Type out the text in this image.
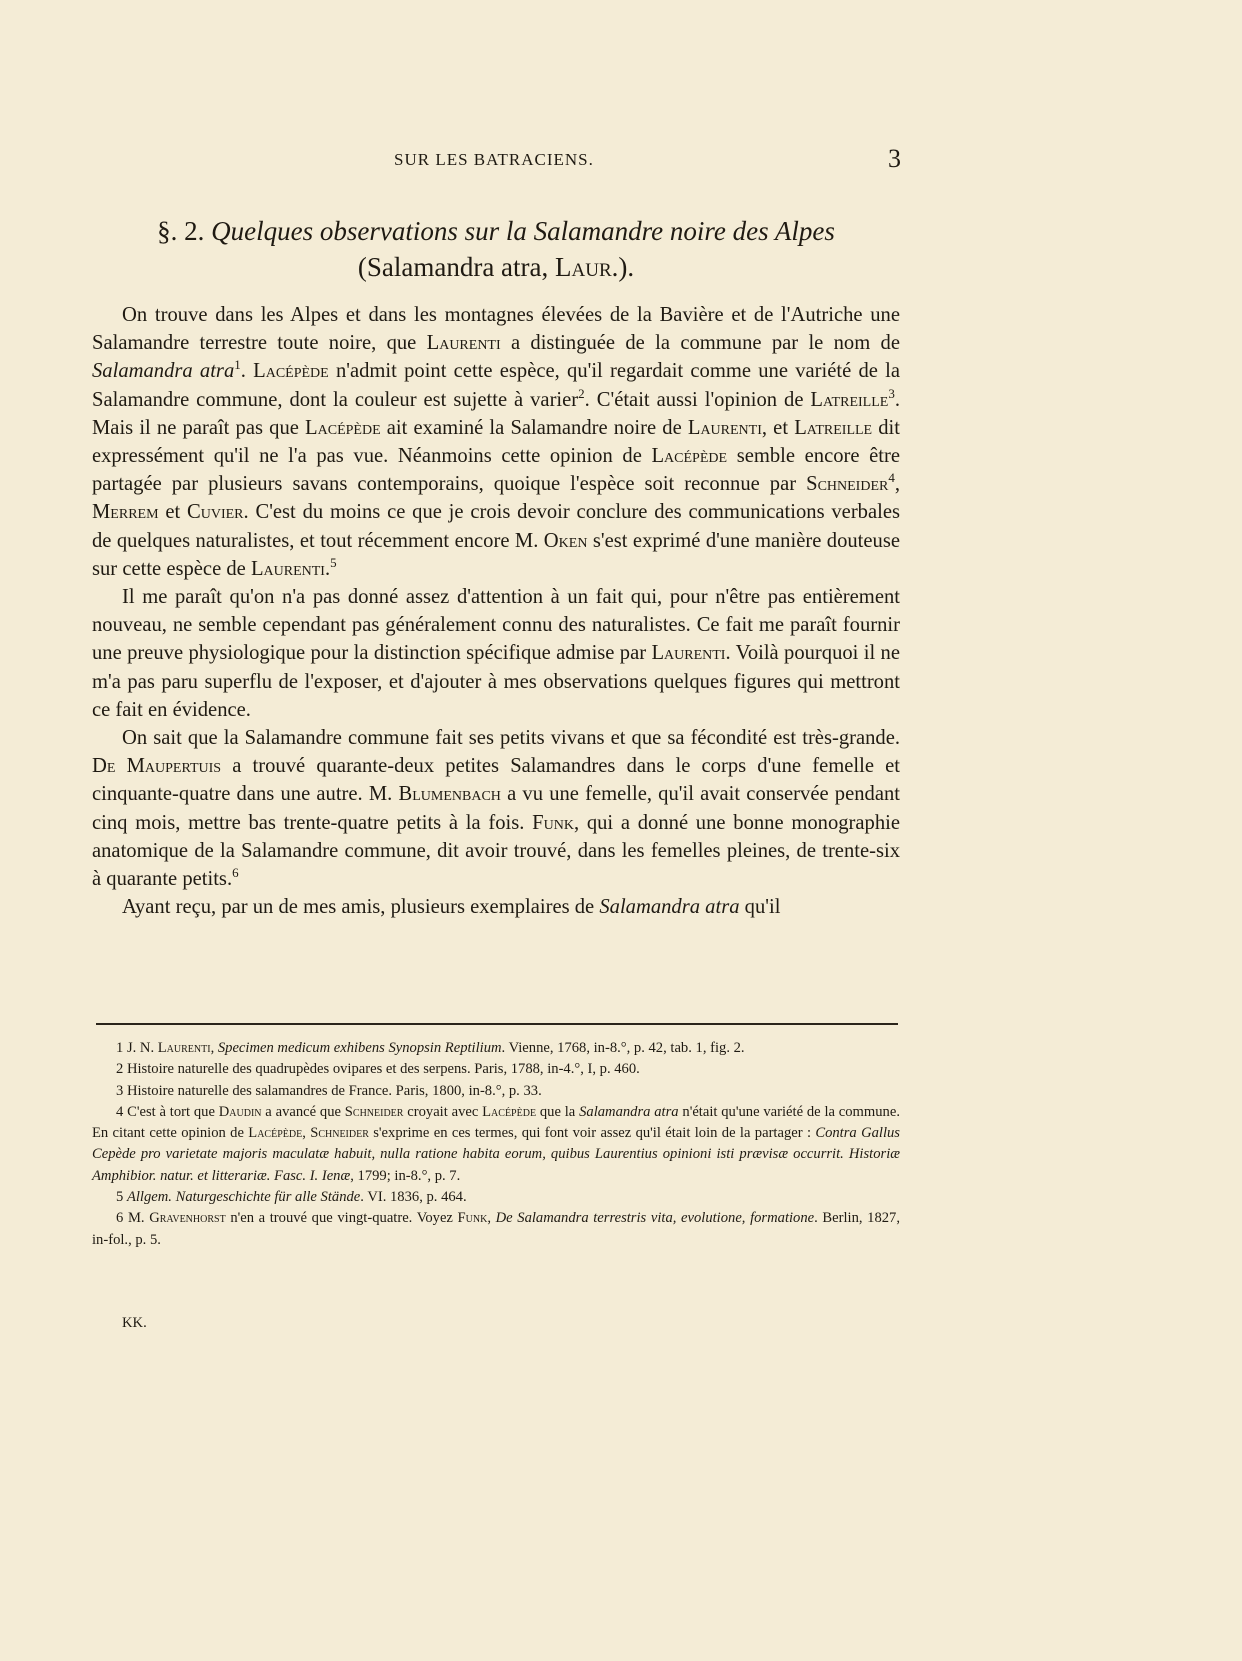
SUR LES BATRACIENS.	3
§. 2. Quelques observations sur la Salamandre noire des Alpes
(Salamandra atra, Laur.).

On trouve dans les Alpes et dans les montagnes élevées de la Bavière et de l'Autriche une Salamandre terrestre toute noire, que Laurenti a distinguée de la commune par le nom de Salamandra atra$^1$. Lacépède n'admit point cette espèce, qu'il regardait comme une variété de la Salamandre commune, dont la couleur est sujette à varier$^2$. C'était aussi l'opinion de Latreille$^3$. Mais il ne paraît pas que Lacépède ait examiné la Salamandre noire de Laurenti, et Latreille dit expressément qu'il ne l'a pas vue. Néanmoins cette opinion de Lacépède semble encore être partagée par plusieurs savans contemporains, quoique l'espèce soit reconnue par Schneider$^4$, Merrem et Cuvier. C'est du moins ce que je crois devoir conclure des communications verbales de quelques naturalistes, et tout récemment encore M. Oken s'est exprimé d'une manière douteuse sur cette espèce de Laurenti.$^5$

Il me paraît qu'on n'a pas donné assez d'attention à un fait qui, pour n'être pas entièrement nouveau, ne semble cependant pas généralement connu des naturalistes. Ce fait me paraît fournir une preuve physiologique pour la distinction spécifique admise par Laurenti. Voilà pourquoi il ne m'a pas paru superflu de l'exposer, et d'ajouter à mes observations quelques figures qui mettront ce fait en évidence.

On sait que la Salamandre commune fait ses petits vivans et que sa fécondité est très-grande. De Maupertuis a trouvé quarante-deux petites Salamandres dans le corps d'une femelle et cinquante-quatre dans une autre. M. Blumenbach a vu une femelle, qu'il avait conservée pendant cinq mois, mettre bas trente-quatre petits à la fois. Funk, qui a donné une bonne monographie anatomique de la Salamandre commune, dit avoir trouvé, dans les femelles pleines, de trente-six à quarante petits.$^6$

Ayant reçu, par un de mes amis, plusieurs exemplaires de Salamandra atra qu'il

1 J. N. Laurenti, Specimen medicum exhibens Synopsin Reptilium. Vienne, 1768, in-8.°, p. 42, tab. 1, fig. 2.

2 Histoire naturelle des quadrupèdes ovipares et des serpens. Paris, 1788, in-4.°, I, p. 460.

3 Histoire naturelle des salamandres de France. Paris, 1800, in-8.°, p. 33.

4 C'est à tort que Daudin a avancé que Schneider croyait avec Lacépède que la Salamandra atra n'était qu'une variété de la commune. En citant cette opinion de Lacépède, Schneider s'exprime en ces termes, qui font voir assez qu'il était loin de la partager : Contra Gallus Cepède pro varietate majoris maculatæ habuit, nulla ratione habita eorum, quibus Laurentius opinioni isti prævisæ occurrit. Historiæ Amphibior. natur. et litterariæ. Fasc. I. Ienæ, 1799; in-8.°, p. 7.

5 Allgem. Naturgeschichte für alle Stände. VI. 1836, p. 464.

6 M. Gravenhorst n'en a trouvé que vingt-quatre. Voyez Funk, De Salamandra terrestris vita, evolutione, formatione. Berlin, 1827, in-fol., p. 5.

KK.
